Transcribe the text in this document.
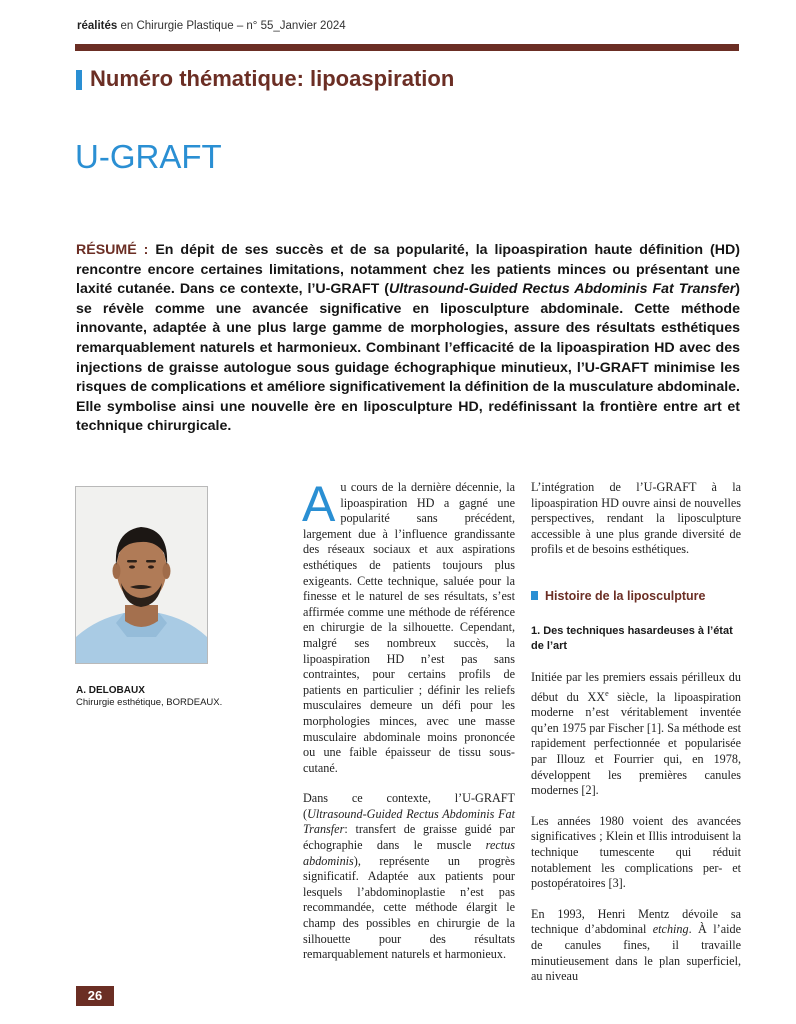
réalités en Chirurgie Plastique – n° 55_Janvier 2024
Numéro thématique: lipoaspiration
U-GRAFT
RÉSUMÉ : En dépit de ses succès et de sa popularité, la lipoaspiration haute définition (HD) rencontre encore certaines limitations, notamment chez les patients minces ou présentant une laxité cutanée. Dans ce contexte, l’U-GRAFT (Ultrasound-Guided Rectus Abdominis Fat Transfer) se révèle comme une avancée significative en liposculpture abdominale. Cette méthode innovante, adaptée à une plus large gamme de morphologies, assure des résultats esthétiques remarquablement naturels et harmonieux. Combinant l’efficacité de la lipoaspiration HD avec des injections de graisse autologue sous guidage échographique minutieux, l’U-GRAFT minimise les risques de complications et améliore significativement la définition de la musculature abdominale. Elle symbolise ainsi une nouvelle ère en liposculpture HD, redéfinissant la frontière entre art et technique chirurgicale.
A. DELOBAUX
Chirurgie esthétique, BORDEAUX.

Au cours de la dernière décennie, la lipoaspiration HD a gagné une popularité sans précédent, largement due à l’influence grandissante des réseaux sociaux et aux aspirations esthétiques de patients toujours plus exigeants. Cette technique, saluée pour la finesse et le naturel de ses résultats, s’est affirmée comme une méthode de référence en chirurgie de la silhouette. Cependant, malgré ses nombreux succès, la lipoaspiration HD n’est pas sans contraintes, pour certains profils de patients en particulier ; définir les reliefs musculaires demeure un défi pour les morphologies minces, avec une masse musculaire abdominale moins prononcée ou une faible épaisseur de tissu sous-cutané.

Dans ce contexte, l’U-GRAFT (Ultrasound-Guided Rectus Abdominis Fat Transfer: transfert de graisse guidé par échographie dans le muscle rectus abdominis), représente un progrès significatif. Adaptée aux patients pour lesquels l’abdominoplastie n’est pas recommandée, cette méthode élargit le champ des possibles en chirurgie de la silhouette pour des résultats remarquablement naturels et harmonieux.

L’intégration de l’U-GRAFT à la lipoaspiration HD ouvre ainsi de nouvelles perspectives, rendant la liposculpture accessible à une plus grande diversité de profils et de besoins esthétiques.

Histoire de la liposculpture
1. Des techniques hasardeuses à l’état de l’art

Initiée par les premiers essais périlleux du début du XXe siècle, la lipoaspiration moderne n’est véritablement inventée qu’en 1975 par Fischer [1]. Sa méthode est rapidement perfectionnée et popularisée par Illouz et Fourrier qui, en 1978, développent les premières canules modernes [2].

Les années 1980 voient des avancées significatives ; Klein et Illis introduisent la technique tumescente qui réduit notablement les complications per- et postopératoires [3].

En 1993, Henri Mentz dévoile sa technique d’abdominal etching. À l’aide de canules fines, il travaille minutieusement dans le plan superficiel, au niveau

26
